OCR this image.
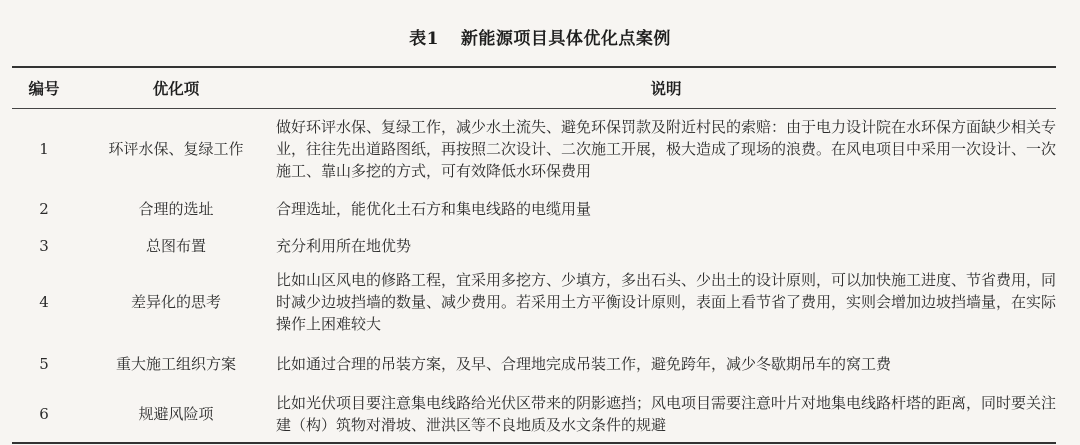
表1 新能源项目具体优化点案例
编号	优化项	说明
1	环评水保、复绿工作	做好环评水保、复绿工作，减少水土流失、避免环保罚款及附近村民的索赔：由于电力设计院在水环保方面缺少相关专业，往往先出道路图纸，再按照二次设计、二次施工开展，极大造成了现场的浪费。在风电项目中采用一次设计、一次施工、靠山多挖的方式，可有效降低水环保费用
2	合理的选址	合理选址，能优化土石方和集电线路的电缆用量
3	总图布置	充分利用所在地优势
4	差异化的思考	比如山区风电的修路工程，宜采用多挖方、少填方，多出石头、少出土的设计原则，可以加快施工进度、节省费用，同时减少边坡挡墙的数量、减少费用。若采用土方平衡设计原则，表面上看节省了费用，实则会增加边坡挡墙量，在实际操作上困难较大
5	重大施工组织方案	比如通过合理的吊装方案，及早、合理地完成吊装工作，避免跨年，减少冬歇期吊车的窝工费
6	规避风险项	比如光伏项目要注意集电线路给光伏区带来的阴影遮挡；风电项目需要注意叶片对地集电线路杆塔的距离，同时要关注建（构）筑物对滑坡、泄洪区等不良地质及水文条件的规避
